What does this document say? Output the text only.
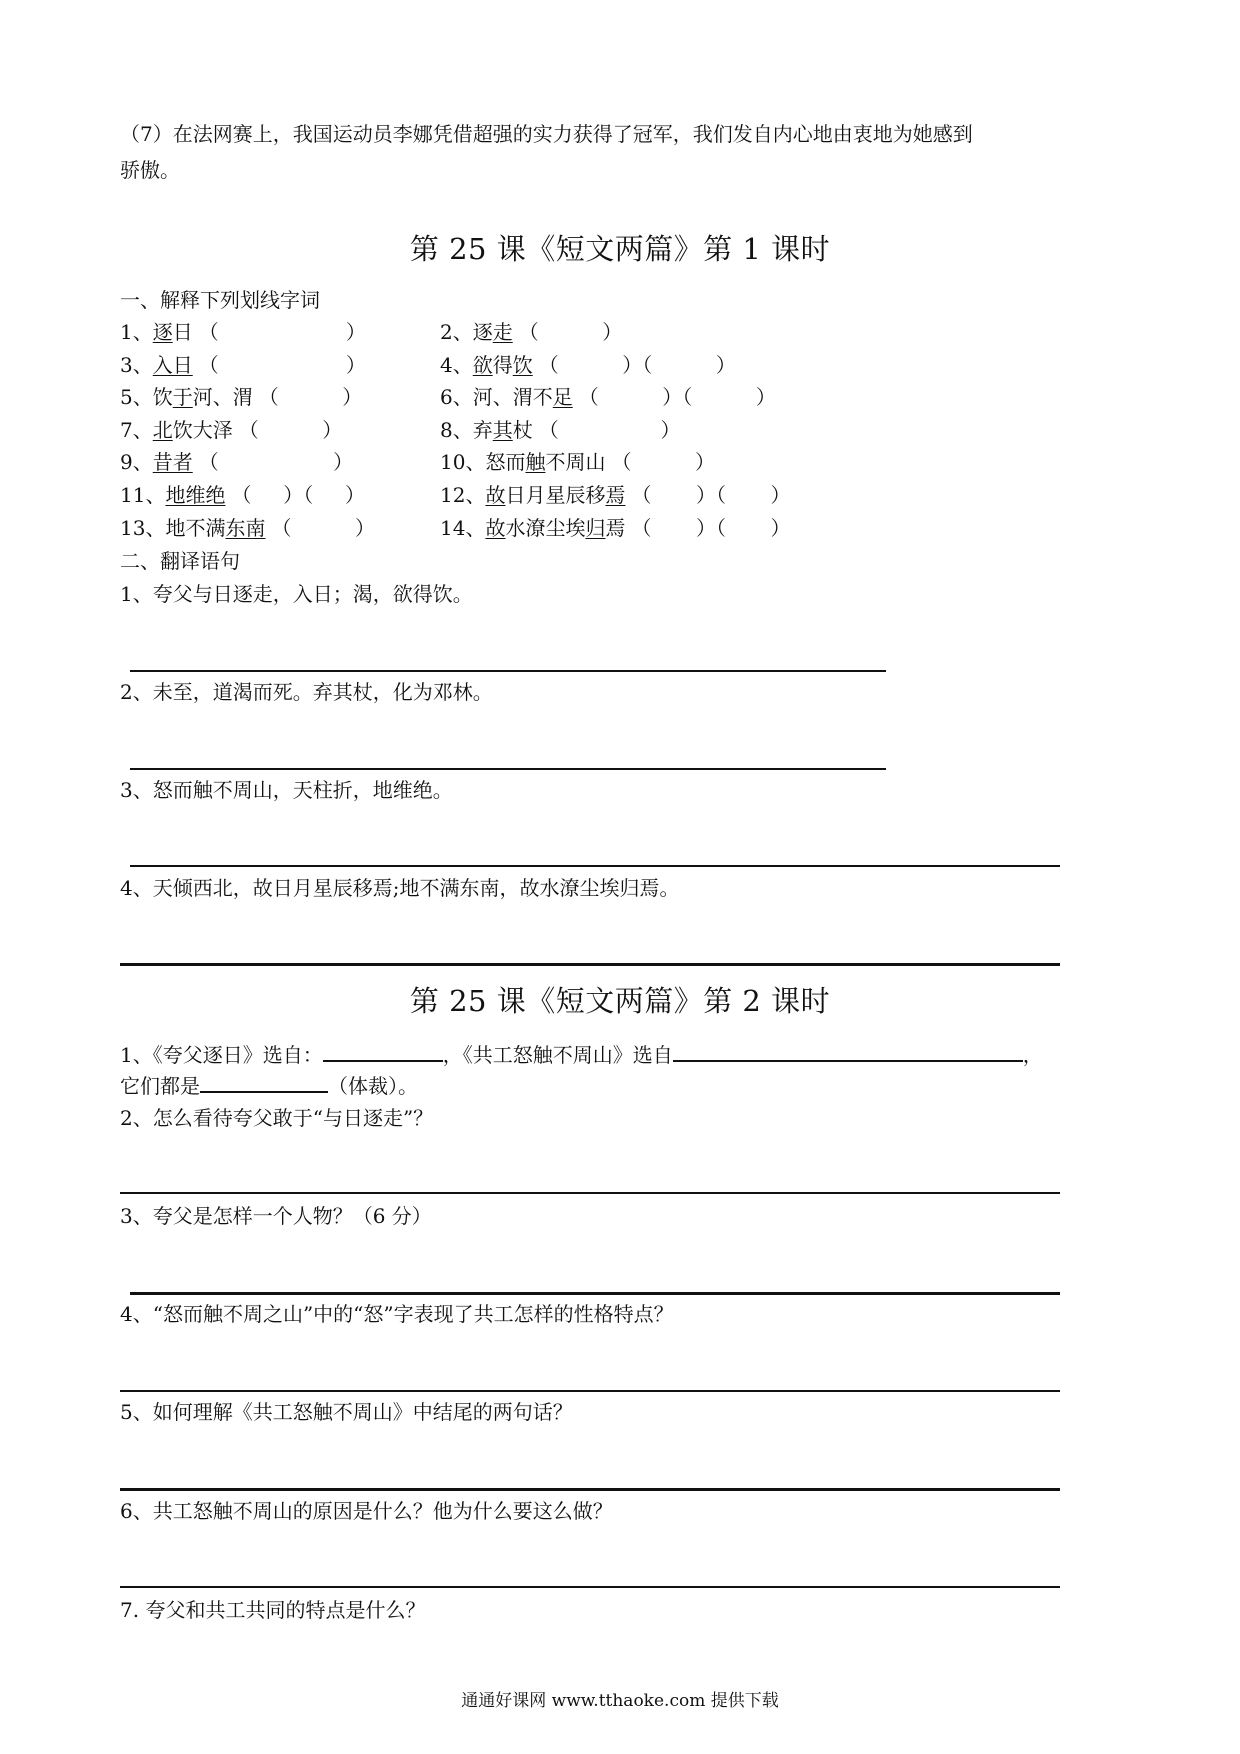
（7）在法网赛上，我国运动员李娜凭借超强的实力获得了冠军，我们发自内心地由衷地为她感到
骄傲。
第 25 课《短文两篇》第 1 课时
一、解释下列划线字词
1、逐日 （                    ）	2、逐走 （          ）
3、入日 （                    ）	4、欲得饮 （          ）（          ）
5、饮于河、渭 （          ）	6、河、渭不足 （          ）（          ）
7、北饮大泽 （          ）	8、弃其杖 （                ）
9、昔者 （                  ）	10、怒而触不周山 （          ）
11、地维绝 （     ）（     ）	12、故日月星辰移焉 （       ）（       ）
13、地不满东南 （          ）	14、故水潦尘埃归焉 （       ）（       ）
二、翻译语句
1、夸父与日逐走，入日；渴，欲得饮。
2、未至，道渴而死。弃其杖，化为邓林。
3、怒而触不周山，天柱折，地维绝。
4、天倾西北，故日月星辰移焉;地不满东南，故水潦尘埃归焉。
第 25 课《短文两篇》第 2 课时
1、《夸父逐日》选自：	，《共工怒触不周山》选自	，
它们都是	（体裁）。
2、怎么看待夸父敢于“与日逐走”？
3、夸父是怎样一个人物？（6 分）
4、“怒而触不周之山”中的“怒”字表现了共工怎样的性格特点？
5、如何理解《共工怒触不周山》中结尾的两句话？
6、共工怒触不周山的原因是什么？他为什么要这么做？
7. 夸父和共工共同的特点是什么？
通通好课网 www.tthaoke.com 提供下载
